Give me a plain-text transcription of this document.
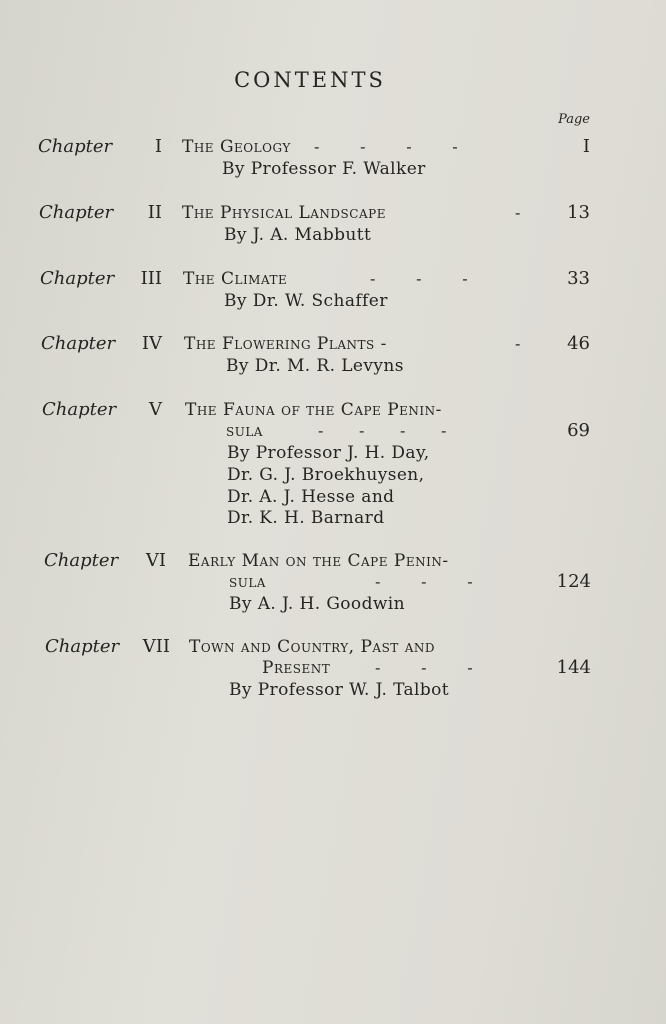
CONTENTS
Page
Chapter	I The Geology -        -        -        -	I
By Professor F. Walker
Chapter	II The Physical Landscape	-	13
By J. A. Mabbutt
Chapter	III The Climate	-        -        -	33
By Dr. W. Schaffer
Chapter	IV The Flowering Plants -	-	46
By Dr. M. R. Levyns
Chapter	V The Fauna of the Cape Penin-
sula	-       -       -       -	69
By Professor J. H. Day,
Dr. G. J. Broekhuysen,
Dr. A. J. Hesse and
Dr. K. H. Barnard
Chapter	VI Early Man on the Cape Penin-
sula	-        -        -	124
By A. J. H. Goodwin
Chapter	VII Town and Country, Past and
Present	-        -        -	144
By Professor W. J. Talbot
